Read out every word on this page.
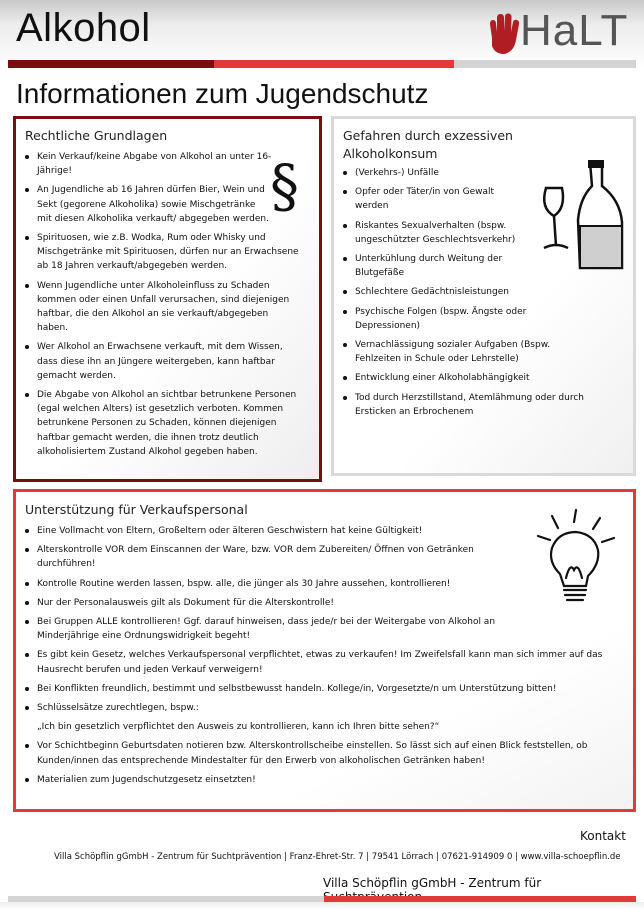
Alkohol	HaLT
Informationen zum Jugendschutz
Rechtliche Grundlagen
§
Kein Verkauf/keine Abgabe von Alkohol an unter 16-Jährige!
An Jugendliche ab 16 Jahren dürfen Bier, Wein und Sekt (gegorene Alkoholika) sowie Mischgetränke mit diesen Alkoholika verkauft/ abgegeben werden.
Spirituosen, wie z.B. Wodka, Rum oder Whisky und Mischgetränke mit Spirituosen, dürfen nur an Erwachsene ab 18 Jahren verkauft/abgegeben werden.
Wenn Jugendliche unter Alkoholeinfluss zu Schaden kommen oder einen Unfall verursachen, sind diejenigen haftbar, die den Alkohol an sie verkauft/abgegeben haben.
Wer Alkohol an Erwachsene verkauft, mit dem Wissen, dass diese ihn an Jüngere weitergeben, kann haftbar gemacht werden.
Die Abgabe von Alkohol an sichtbar betrunkene Personen (egal welchen Alters) ist gesetzlich verboten. Kommen betrunkene Personen zu Schaden, können diejenigen haftbar gemacht werden, die ihnen trotz deutlich alkoholisiertem Zustand Alkohol gegeben haben.
Gefahren durch exzessiven Alkoholkonsum
(Verkehrs-) Unfälle
Opfer oder Täter/in von Gewalt werden
Riskantes Sexualverhalten (bspw. ungeschützter Geschlechtsverkehr)
Unterkühlung durch Weitung der Blutgefäße
Schlechtere Gedächtnisleistungen
Psychische Folgen (bspw. Ängste oder Depressionen)
Vernachlässigung sozialer Aufgaben (Bspw. Fehlzeiten in Schule oder Lehrstelle)
Entwicklung einer Alkoholabhängigkeit
Tod durch Herzstillstand, Atemlähmung oder durch Ersticken an Erbrochenem
Unterstützung für Verkaufspersonal
Eine Vollmacht von Eltern, Großeltern oder älteren Geschwistern hat keine Gültigkeit!
Alterskontrolle VOR dem Einscannen der Ware, bzw. VOR dem Zubereiten/ Öffnen von Getränken durchführen!
Kontrolle Routine werden lassen, bspw. alle, die jünger als 30 Jahre aussehen, kontrollieren!
Nur der Personalausweis gilt als Dokument für die Alterskontrolle!
Bei Gruppen ALLE kontrollieren! Ggf. darauf hinweisen, dass jede/r bei der Weitergabe von Alkohol an Minderjährige eine Ordnungswidrigkeit begeht!
Es gibt kein Gesetz, welches Verkaufspersonal verpflichtet, etwas zu verkaufen! Im Zweifelsfall kann man sich immer auf das Hausrecht berufen und jeden Verkauf verweigern!
Bei Konflikten freundlich, bestimmt und selbstbewusst handeln. Kollege/in, Vorgesetzte/n um Unterstützung bitten!
Schlüsselsätze zurechtlegen, bspw.:
„Ich bin gesetzlich verpflichtet den Ausweis zu kontrollieren, kann ich Ihren bitte sehen?“
Vor Schichtbeginn Geburtsdaten notieren bzw. Alterskontrollscheibe einstellen. So lässt sich auf einen Blick feststellen, ob Kunden/innen das entsprechende Mindestalter für den Erwerb von alkoholischen Getränken haben!
Materialien zum Jugendschutzgesetz einsetzten!
Kontakt
Villa Schöpflin gGmbH - Zentrum für Suchtprävention | Franz-Ehret-Str. 7 | 79541 Lörrach | 07621-914909 0 | www.villa-schoepflin.de
Villa Schöpflin gGmbH - Zentrum für
